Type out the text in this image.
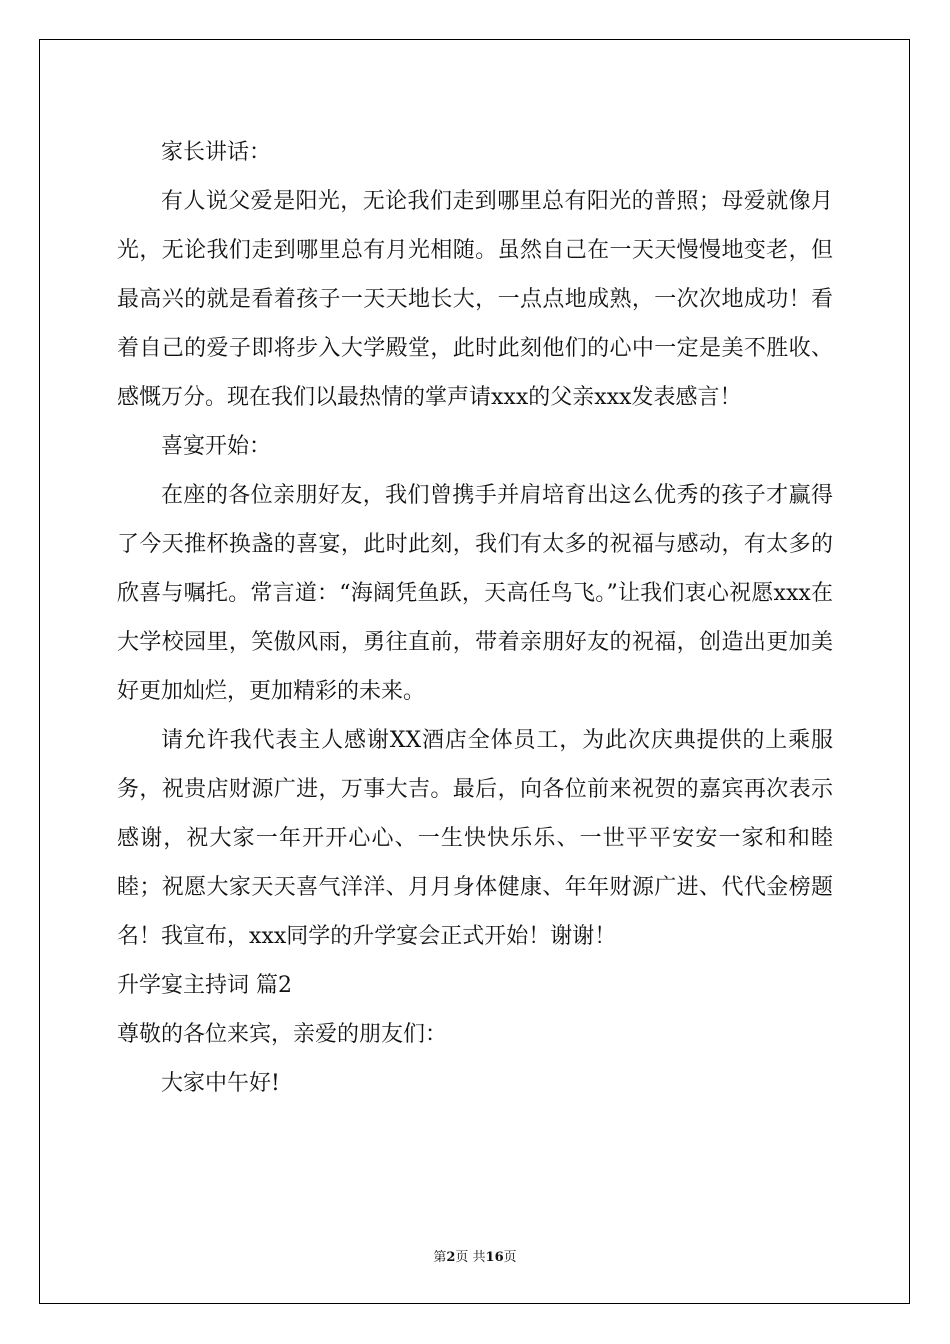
家长讲话：

有人说父爱是阳光，无论我们走到哪里总有阳光的普照；母爱就像月光，无论我们走到哪里总有月光相随。虽然自己在一天天慢慢地变老，但最高兴的就是看着孩子一天天地长大，一点点地成熟，一次次地成功！看着自己的爱子即将步入大学殿堂，此时此刻他们的心中一定是美不胜收、感慨万分。现在我们以最热情的掌声请xxx的父亲xxx发表感言！

喜宴开始：

在座的各位亲朋好友，我们曾携手并肩培育出这么优秀的孩子才赢得了今天推杯换盏的喜宴，此时此刻，我们有太多的祝福与感动，有太多的欣喜与嘱托。常言道：“海阔凭鱼跃，天高任鸟飞。”让我们衷心祝愿xxx在大学校园里，笑傲风雨，勇往直前，带着亲朋好友的祝福，创造出更加美好更加灿烂，更加精彩的未来。

请允许我代表主人感谢XX酒店全体员工，为此次庆典提供的上乘服务，祝贵店财源广进，万事大吉。最后，向各位前来祝贺的嘉宾再次表示感谢，祝大家一年开开心心、一生快快乐乐、一世平平安安一家和和睦睦；祝愿大家天天喜气洋洋、月月身体健康、年年财源广进、代代金榜题名！我宣布，xxx同学的升学宴会正式开始！谢谢！

升学宴主持词 篇2

尊敬的各位来宾，亲爱的朋友们：

大家中午好!

第2页 共16页
